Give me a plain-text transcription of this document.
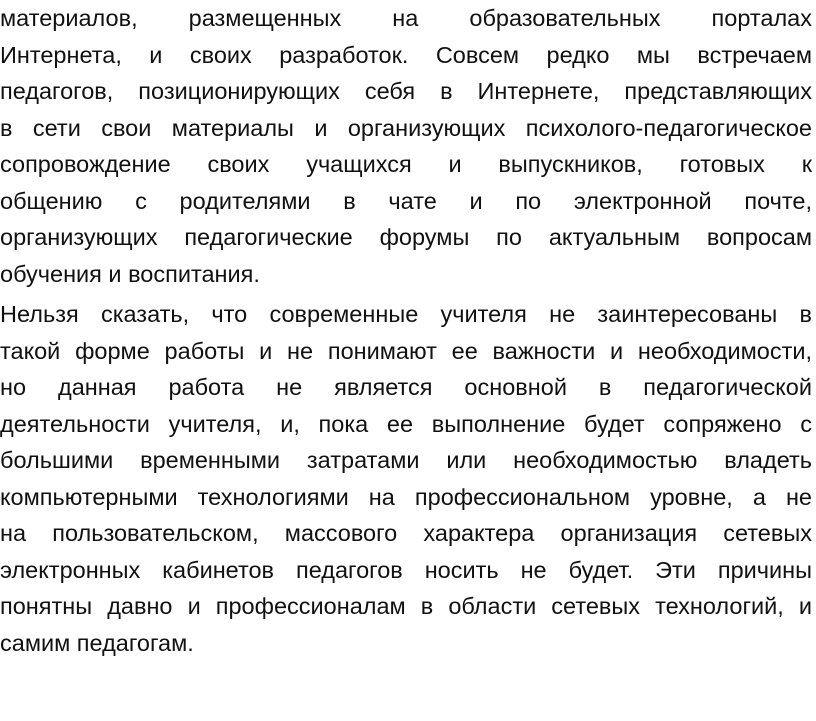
материалов, размещенных на образовательных порталах
Интернета, и своих разработок. Совсем редко мы встречаем
педагогов, позиционирующих себя в Интернете, представляющих
в сети свои материалы и организующих психолого-педагогическое
сопровождение своих учащихся и выпускников, готовых к
общению с родителями в чате и по электронной почте,
организующих педагогические форумы по актуальным вопросам
обучения и воспитания.

Нельзя сказать, что современные учителя не заинтересованы в
такой форме работы и не понимают ее важности и необходимости,
но данная работа не является основной в педагогической
деятельности учителя, и, пока ее выполнение будет сопряжено с
большими временными затратами или необходимостью владеть
компьютерными технологиями на профессиональном уровне, а не
на пользовательском, массового характера организация сетевых
электронных кабинетов педагогов носить не будет. Эти причины
понятны давно и профессионалам в области сетевых технологий, и
самим педагогам.
